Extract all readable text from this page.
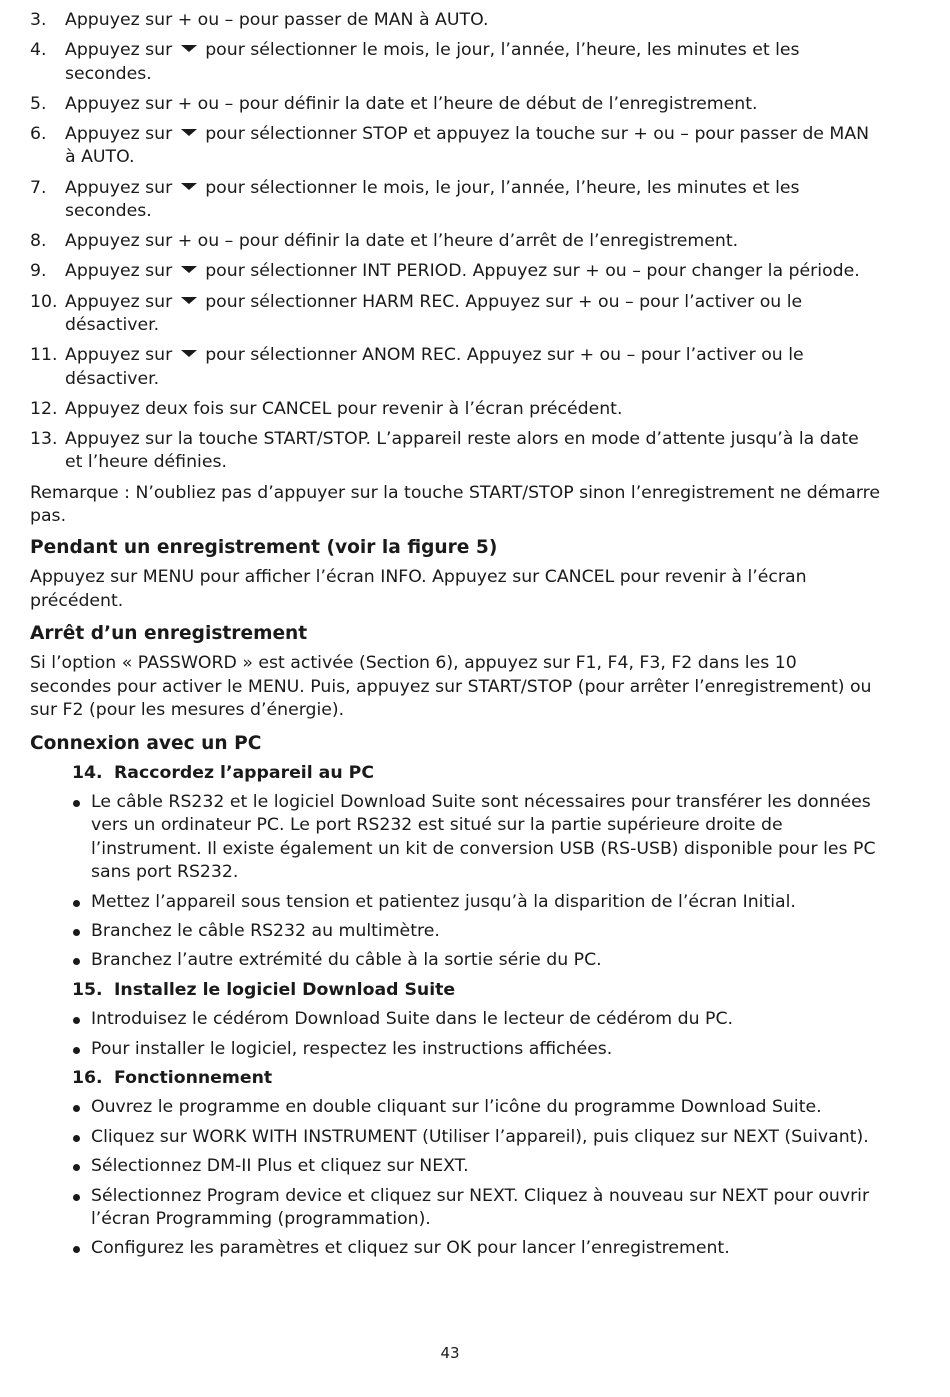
3. Appuyez sur + ou – pour passer de MAN à AUTO.
4. Appuyez sur pour sélectionner le mois, le jour, l’année, l’heure, les minutes et les secondes.
5. Appuyez sur + ou – pour définir la date et l’heure de début de l’enregistrement.
6. Appuyez sur pour sélectionner STOP et appuyez la touche sur + ou – pour passer de MAN à AUTO.
7. Appuyez sur pour sélectionner le mois, le jour, l’année, l’heure, les minutes et les secondes.
8. Appuyez sur + ou – pour définir la date et l’heure d’arrêt de l’enregistrement.
9. Appuyez sur pour sélectionner INT PERIOD. Appuyez sur + ou – pour changer la période.
10. Appuyez sur pour sélectionner HARM REC. Appuyez sur + ou – pour l’activer ou le désactiver.
11. Appuyez sur pour sélectionner ANOM REC. Appuyez sur + ou – pour l’activer ou le désactiver.
12. Appuyez deux fois sur CANCEL pour revenir à l’écran précédent.
13. Appuyez sur la touche START/STOP. L’appareil reste alors en mode d’attente jusqu’à la date et l’heure définies.

Remarque : N’oubliez pas d’appuyer sur la touche START/STOP sinon l’enregistrement ne démarre pas.

Pendant un enregistrement (voir la figure 5)

Appuyez sur MENU pour afficher l’écran INFO. Appuyez sur CANCEL pour revenir à l’écran précédent.

Arrêt d’un enregistrement

Si l’option « PASSWORD » est activée (Section 6), appuyez sur F1, F4, F3, F2 dans les 10 secondes pour activer le MENU. Puis, appuyez sur START/STOP (pour arrêter l’enregistrement) ou sur F2 (pour les mesures d’énergie).

Connexion avec un PC
14. Raccordez l’appareil au PC
Le câble RS232 et le logiciel Download Suite sont nécessaires pour transférer les données vers un ordinateur PC. Le port RS232 est situé sur la partie supérieure droite de l’instrument. Il existe également un kit de conversion USB (RS-USB) disponible pour les PC sans port RS232.
Mettez l’appareil sous tension et patientez jusqu’à la disparition de l’écran Initial.
Branchez le câble RS232 au multimètre.
Branchez l’autre extrémité du câble à la sortie série du PC.
15. Installez le logiciel Download Suite
Introduisez le cédérom Download Suite dans le lecteur de cédérom du PC.
Pour installer le logiciel, respectez les instructions affichées.
16. Fonctionnement
Ouvrez le programme en double cliquant sur l’icône du programme Download Suite.
Cliquez sur WORK WITH INSTRUMENT (Utiliser l’appareil), puis cliquez sur NEXT (Suivant).
Sélectionnez DM-II Plus et cliquez sur NEXT.
Sélectionnez Program device et cliquez sur NEXT. Cliquez à nouveau sur NEXT pour ouvrir l’écran Programming (programmation).
Configurez les paramètres et cliquez sur OK pour lancer l’enregistrement.
43
